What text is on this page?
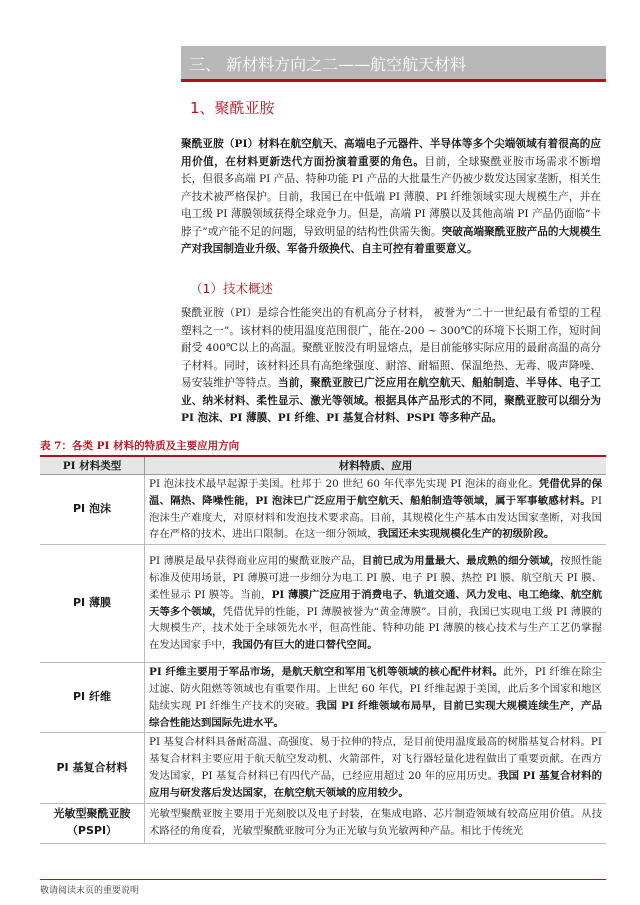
三、 新材料方向之二——航空航天材料
1、聚酰亚胺
聚酰亚胺（PI）材料在航空航天、高端电子元器件、半导体等多个尖端领域有着很高的应用价值，在材料更新迭代方面扮演着重要的角色。目前，全球聚酰亚胺市场需求不断增长，但很多高端 PI 产品、特种功能 PI 产品的大批量生产仍被少数发达国家垄断，相关生产技术被严格保护。目前，我国已在中低端 PI 薄膜、PI 纤维领域实现大规模生产，并在电工级 PI 薄膜领域获得全球竞争力。但是，高端 PI 薄膜以及其他高端 PI 产品仍面临“卡脖子”或产能不足的问题，导致明显的结构性供需失衡。突破高端聚酰亚胺产品的大规模生产对我国制造业升级、军备升级换代、自主可控有着重要意义。
（1）技术概述
聚酰亚胺（PI）是综合性能突出的有机高分子材料， 被誉为“二十一世纪最有希望的工程塑料之一”。该材料的使用温度范围很广，能在-200 ~ 300℃的环境下长期工作，短时间耐受 400℃以上的高温。聚酰亚胺没有明显熔点，是目前能够实际应用的最耐高温的高分子材料。同时，该材料还具有高绝缘强度、耐溶、耐辐照、保温绝热、无毒、吸声降噪、易安装维护等特点。当前，聚酰亚胺已广泛应用在航空航天、船舶制造、半导体、电子工业、纳米材料、柔性显示、激光等领域。根据具体产品形式的不同，聚酰亚胺可以细分为 PI 泡沫、PI 薄膜、PI 纤维、PI 基复合材料、PSPI 等多种产品。
表 7：各类 PI 材料的特质及主要应用方向
PI 材料类型	材料特质、应用
PI 泡沫	PI 泡沫技术最早起源于美国。杜邦于 20 世纪 60 年代率先实现 PI 泡沫的商业化。凭借优异的保温、隔热、降噪性能，PI 泡沫已广泛应用于航空航天、船舶制造等领域，属于军事敏感材料。PI 泡沫生产难度大，对原材料和发泡技术要求高。目前，其规模化生产基本由发达国家垄断，对我国存在严格的技术、进出口限制。在这一细分领域，我国还未实现规模化生产的初级阶段。
PI 薄膜	PI 薄膜是最早获得商业应用的聚酰亚胺产品，目前已成为用量最大、最成熟的细分领域，按照性能标准及使用场景，PI 薄膜可进一步细分为电工 PI 膜、电子 PI 膜、热控 PI 膜、航空航天 PI 膜、柔性显示 PI 膜等。当前，PI 薄膜广泛应用于消费电子、轨道交通、风力发电、电工绝缘、航空航天等多个领域，凭借优异的性能，PI 薄膜被誉为“黄金薄膜”。目前，我国已实现电工级 PI 薄膜的大规模生产，技术处于全球领先水平，但高性能、特种功能 PI 薄膜的核心技术与生产工艺仍掌握在发达国家手中，我国仍有巨大的进口替代空间。
PI 纤维	PI 纤维主要用于军品市场，是航天航空和军用飞机等领域的核心配件材料。此外，PI 纤维在除尘过滤、防火阻燃等领域也有重要作用。上世纪 60 年代，PI 纤维起源于美国，此后多个国家和地区陆续实现 PI 纤维生产技术的突破。我国 PI 纤维领域布局早，目前已实现大规模连续生产，产品综合性能达到国际先进水平。
PI 基复合材料	PI 基复合材料具备耐高温、高强度、易于拉伸的特点，是目前使用温度最高的树脂基复合材料。PI 基复合材料主要应用于航天航空发动机、火箭部件，对飞行器轻量化进程做出了重要贡献。在西方发达国家，PI 基复合材料已有四代产品，已经应用超过 20 年的应用历史。我国 PI 基复合材料的应用与研发落后发达国家，在航空航天领域的应用较少。
光敏型聚酰亚胺（PSPI）	光敏型聚酰亚胺主要用于光刻胶以及电子封装，在集成电路、芯片制造领域有较高应用价值。从技术路径的角度看，光敏型聚酰亚胺可分为正光敏与负光敏两种产品。相比于传统光
敬请阅读末页的重要说明
